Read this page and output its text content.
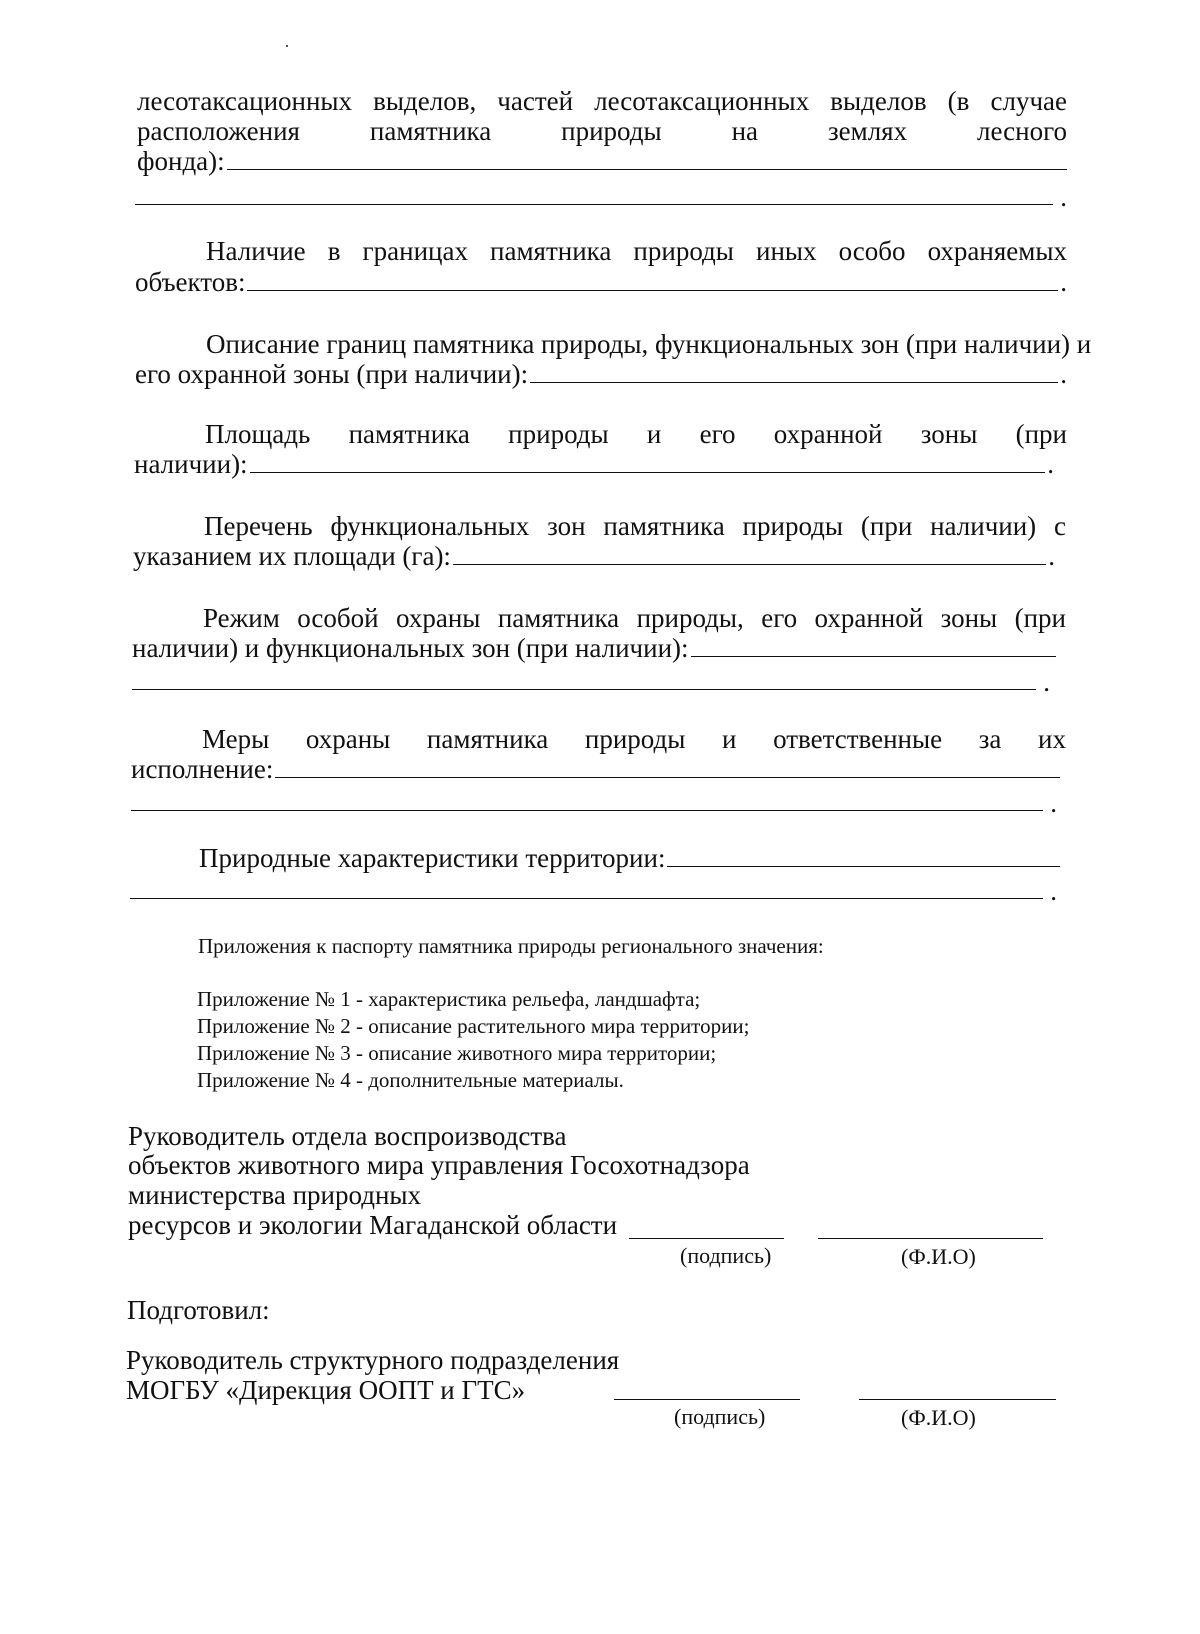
лесотаксационных выделов, частей лесотаксационных выделов (в случае
расположения памятника природы на землях лесного
фонда):
.
Наличие в границах памятника природы иных особо охраняемых
объектов:	.
Описание границ памятника природы, функциональных зон (при наличии) и
его охранной зоны (при наличии):	.
Площадь памятника природы и его охранной зоны (при
наличии):	.
Перечень функциональных зон памятника природы (при наличии) с
указанием их площади (га):	.
Режим особой охраны памятника природы, его охранной зоны (при
наличии) и функциональных зон (при наличии):
.
Меры охраны памятника природы и ответственные за их
исполнение:
.
Природные характеристики территории:
.
Приложения к паспорту памятника природы регионального значения:
Приложение № 1 - характеристика рельефа, ландшафта;
Приложение № 2 - описание растительного мира территории;
Приложение № 3 - описание животного мира территории;
Приложение № 4 - дополнительные материалы.
Руководитель отдела воспроизводства
объектов животного мира управления Госохотнадзора
министерства природных
ресурсов и экологии Магаданской области
(подпись)	(Ф.И.О)
Подготовил:
Руководитель структурного подразделения
МОГБУ «Дирекция ООПТ и ГТС»
(подпись)	(Ф.И.О)
